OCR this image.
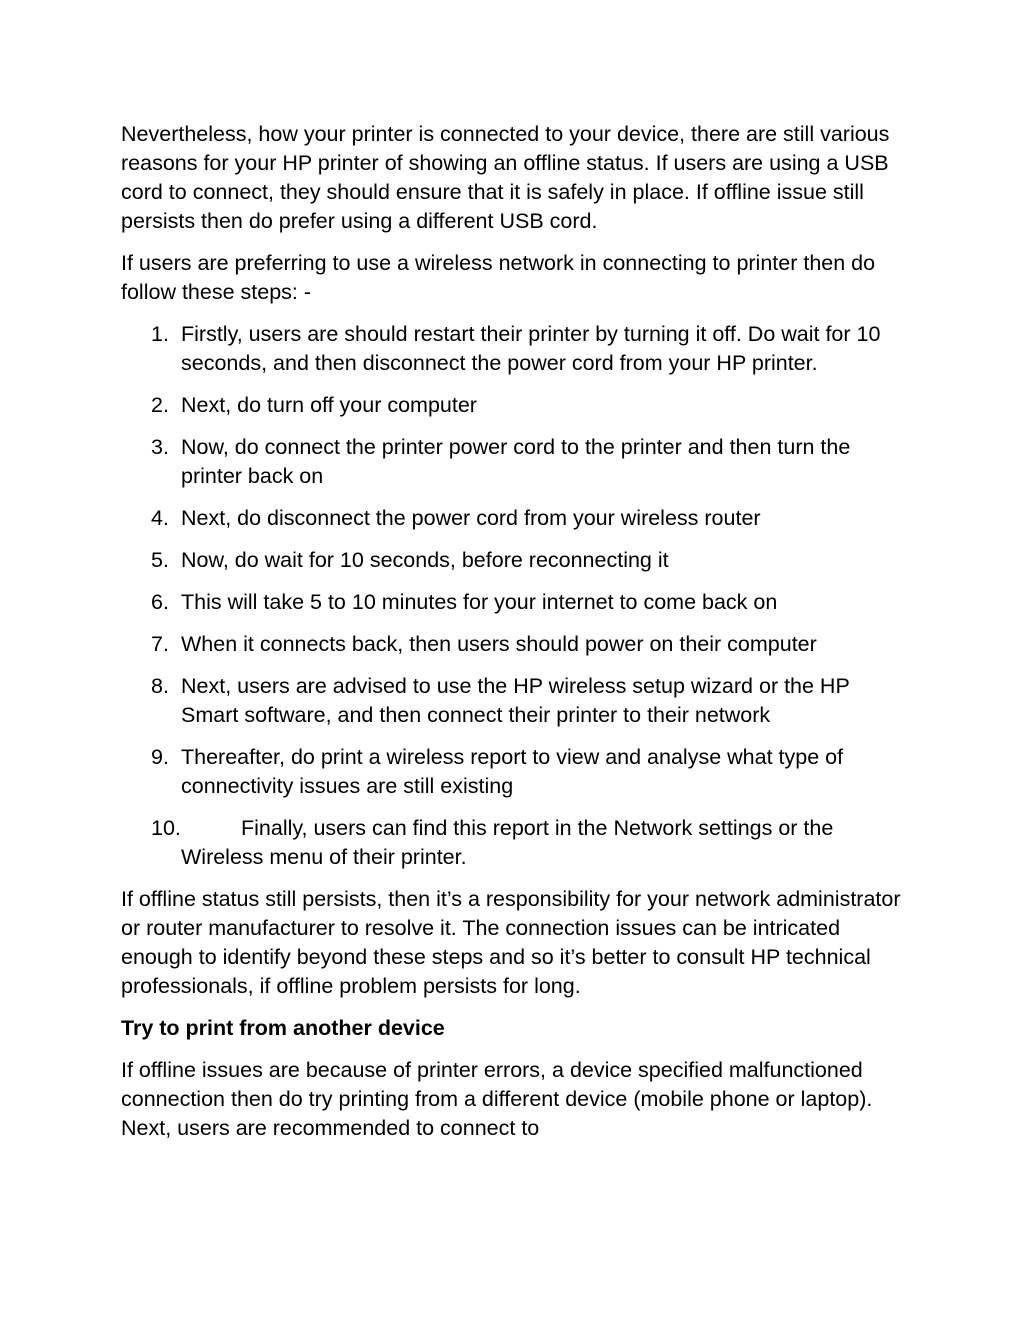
Nevertheless, how your printer is connected to your device, there are still various reasons for your HP printer of showing an offline status. If users are using a USB cord to connect, they should ensure that it is safely in place. If offline issue still persists then do prefer using a different USB cord.

If users are preferring to use a wireless network in connecting to printer then do follow these steps: -

1. Firstly, users are should restart their printer by turning it off. Do wait for 10 seconds, and then disconnect the power cord from your HP printer.
2. Next, do turn off your computer
3. Now, do connect the printer power cord to the printer and then turn the printer back on
4. Next, do disconnect the power cord from your wireless router
5. Now, do wait for 10 seconds, before reconnecting it
6. This will take 5 to 10 minutes for your internet to come back on
7. When it connects back, then users should power on their computer
8. Next, users are advised to use the HP wireless setup wizard or the HP Smart software, and then connect their printer to their network
9. Thereafter, do print a wireless report to view and analyse what type of connectivity issues are still existing
10.	Finally, users can find this report in the Network settings or the Wireless menu of their printer.

If offline status still persists, then it’s a responsibility for your network administrator or router manufacturer to resolve it. The connection issues can be intricated enough to identify beyond these steps and so it’s better to consult HP technical professionals, if offline problem persists for long.

Try to print from another device

If offline issues are because of printer errors, a device specified malfunctioned connection then do try printing from a different device (mobile phone or laptop). Next, users are recommended to connect to
